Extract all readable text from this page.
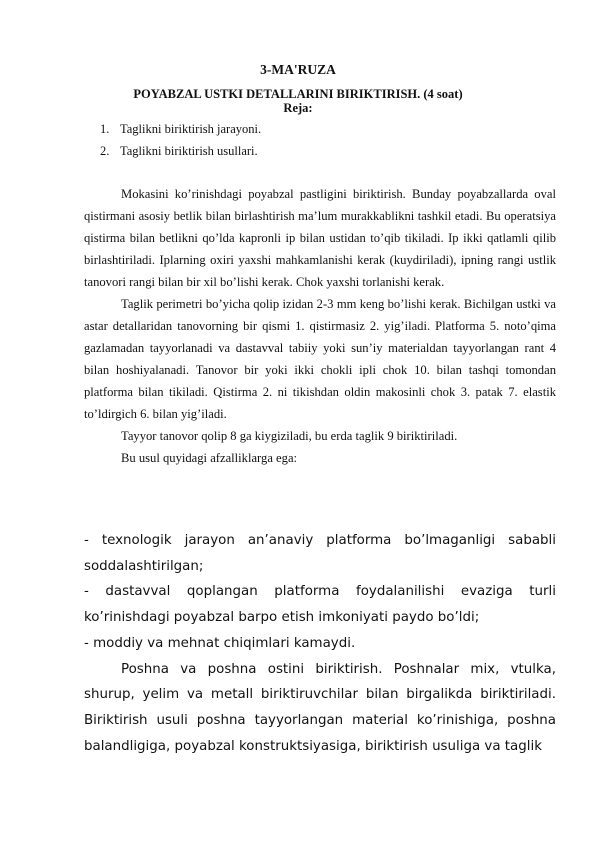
3-MA'RUZA
POYABZAL USTKI DETALLARINI BIRIKTIRISH. (4 soat)
Reja:
1. Taglikni biriktirish jarayoni.
2. Taglikni biriktirish usullari.

Mokasini ko’rinishdagi poyabzal pastligini biriktirish. Bunday poyabzallarda oval qistirmani asosiy betlik bilan birlashtirish ma’lum murakkablikni tashkil etadi. Bu operatsiya qistirma bilan betlikni qo’lda kapronli ip bilan ustidan to’qib tikiladi. Ip ikki qatlamli qilib birlashtiriladi. Iplarning oxiri yaxshi mahkamlanishi kerak (kuydiriladi), ipning rangi ustlik tanovori rangi bilan bir xil bo’lishi kerak. Chok yaxshi torlanishi kerak.

Taglik perimetri bo’yicha qolip izidan 2-3 mm keng bo’lishi kerak. Bichilgan ustki va astar detallaridan tanovorning bir qismi 1. qistirmasiz 2. yig’iladi. Platforma 5. noto’qima gazlamadan tayyorlanadi va dastavval tabiiy yoki sun’iy materialdan tayyorlangan rant 4 bilan hoshiyalanadi. Tanovor bir yoki ikki chokli ipli chok 10. bilan tashqi tomondan platforma bilan tikiladi. Qistirma 2. ni tikishdan oldin makosinli chok 3. patak 7. elastik to’ldirgich 6. bilan yig’iladi.

Tayyor tanovor qolip 8 ga kiygiziladi, bu erda taglik 9 biriktiriladi.

Bu usul quyidagi afzalliklarga ega:

- texnologik jarayon an’anaviy platforma bo’lmaganligi sababli soddalashtirilgan;

- dastavval qoplangan platforma foydalanilishi evaziga turli ko’rinishdagi poyabzal barpo etish imkoniyati paydo bo’ldi;

- moddiy va mehnat chiqimlari kamaydi.

Poshna va poshna ostini biriktirish. Poshnalar mix, vtulka, shurup, yelim va metall biriktiruvchilar bilan birgalikda biriktiriladi. Biriktirish usuli poshna tayyorlangan material ko’rinishiga, poshna balandligiga, poyabzal konstruktsiyasiga, biriktirish usuliga va taglik
